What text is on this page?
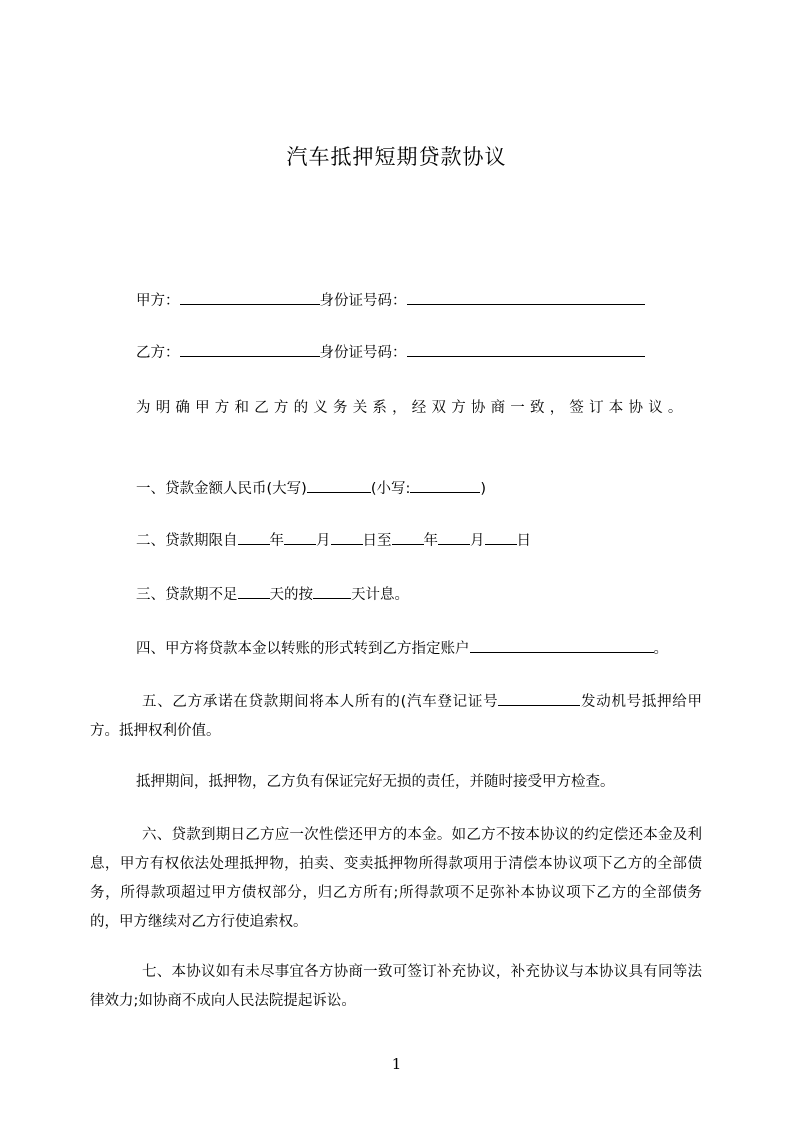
汽车抵押短期贷款协议
甲方：	身份证号码：
乙方：	身份证号码：
为明确甲方和乙方的义务关系，经双方协商一致，签订本协议。
一、贷款金额人民币(大写)	(小写:	)
二、贷款期限自 年 月 日至 年 月 日
三、贷款期不足 天的按	天计息。
四、甲方将贷款本金以转账的形式转到乙方指定账户	。
五、乙方承诺在贷款期间将本人所有的(汽车登记证号	发动机号抵押给甲方。抵押权利价值。
抵押期间，抵押物，乙方负有保证完好无损的责任，并随时接受甲方检查。
六、贷款到期日乙方应一次性偿还甲方的本金。如乙方不按本协议的约定偿还本金及利息，甲方有权依法处理抵押物，拍卖、变卖抵押物所得款项用于清偿本协议项下乙方的全部债务，所得款项超过甲方债权部分，归乙方所有;所得款项不足弥补本协议项下乙方的全部债务的，甲方继续对乙方行使追索权。
七、本协议如有未尽事宜各方协商一致可签订补充协议，补充协议与本协议具有同等法律效力;如协商不成向人民法院提起诉讼。
1
